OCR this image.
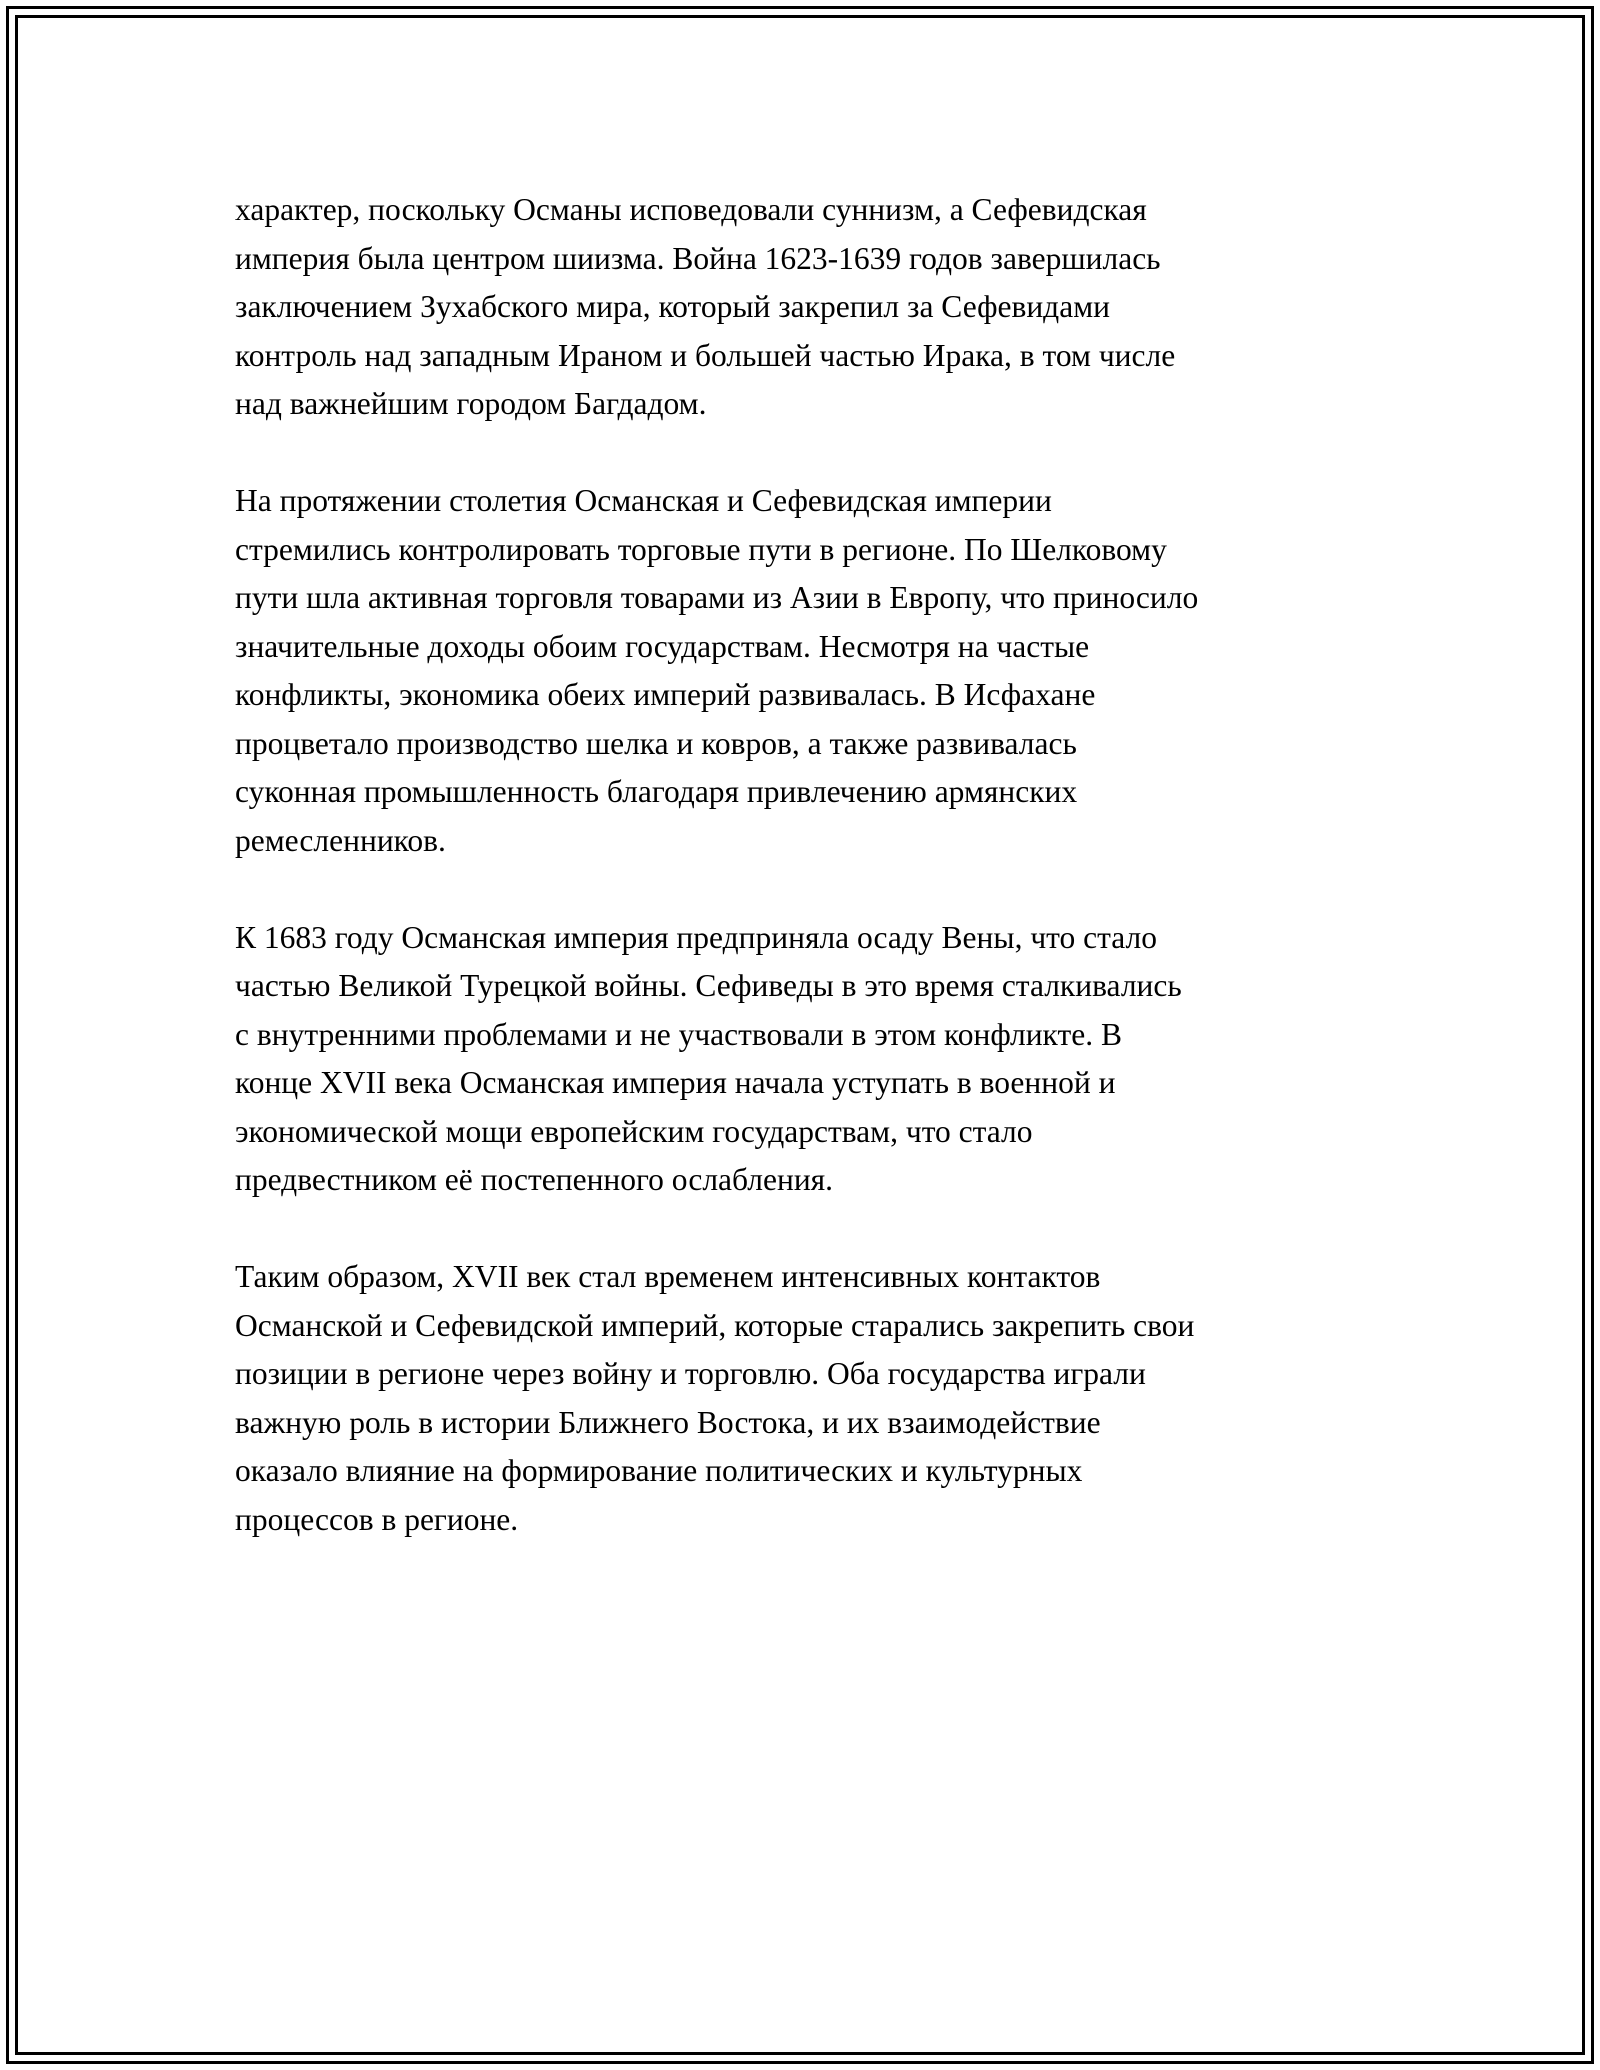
характер, поскольку Османы исповедовали суннизм, а Сефевидская
империя была центром шиизма. Война 1623-1639 годов завершилась
заключением Зухабского мира, который закрепил за Сефевидами
контроль над западным Ираном и большей частью Ирака, в том числе
над важнейшим городом Багдадом.
На протяжении столетия Османская и Сефевидская империи
стремились контролировать торговые пути в регионе. По Шелковому
пути шла активная торговля товарами из Азии в Европу, что приносило
значительные доходы обоим государствам. Несмотря на частые
конфликты, экономика обеих империй развивалась. В Исфахане
процветало производство шелка и ковров, а также развивалась
суконная промышленность благодаря привлечению армянских
ремесленников.
К 1683 году Османская империя предприняла осаду Вены, что стало
частью Великой Турецкой войны. Сефиведы в это время сталкивались
с внутренними проблемами и не участвовали в этом конфликте. В
конце XVII века Османская империя начала уступать в военной и
экономической мощи европейским государствам, что стало
предвестником её постепенного ослабления.
Таким образом, XVII век стал временем интенсивных контактов
Османской и Сефевидской империй, которые старались закрепить свои
позиции в регионе через войну и торговлю. Оба государства играли
важную роль в истории Ближнего Востока, и их взаимодействие
оказало влияние на формирование политических и культурных
процессов в регионе.
